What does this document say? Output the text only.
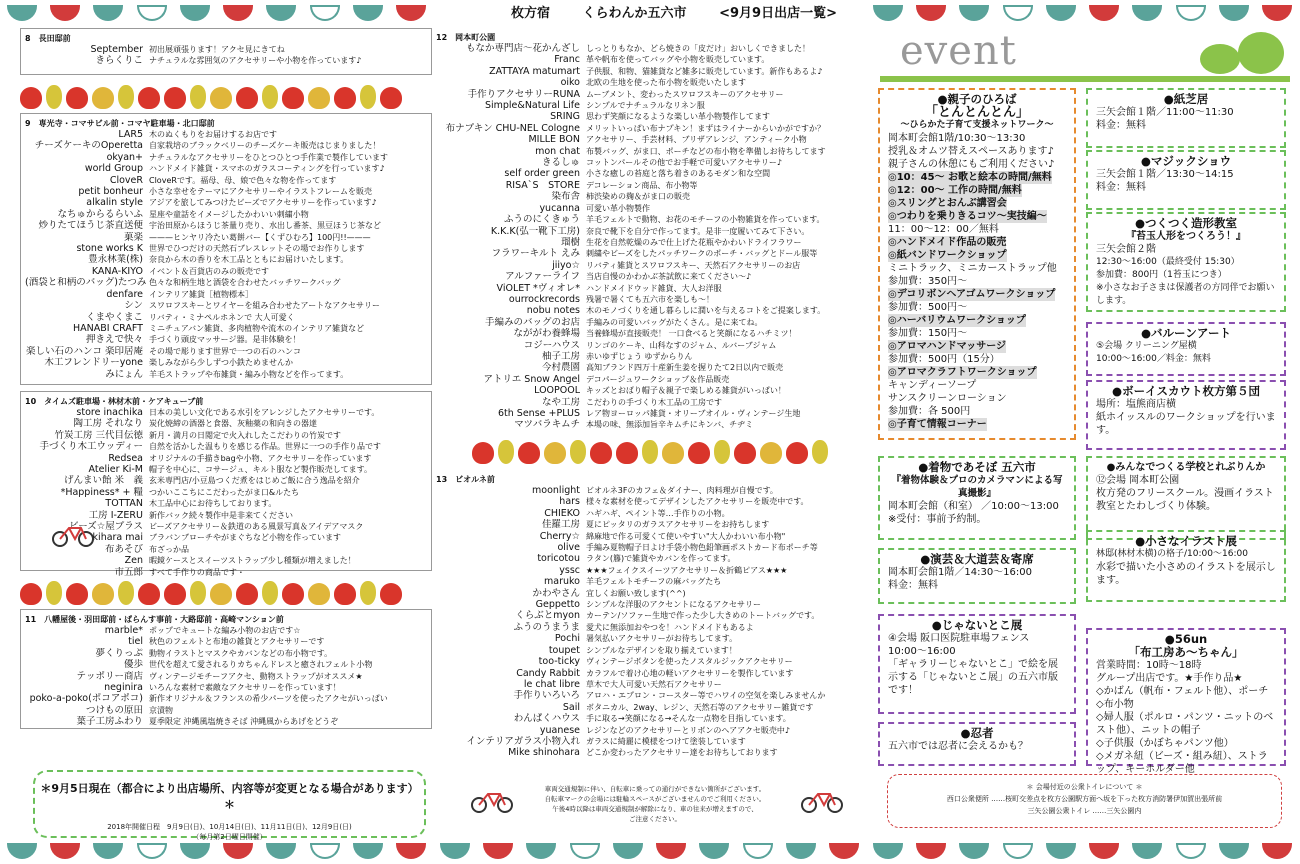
枚方宿	くらわんか五六市	<9月9日出店一覧>
8　長田邸前
September 初出展頑張ります！アクセ見にきてね
きらくりこ ナチュラルな雰囲気のアクセサリーや小物を作っています♪
9　専光寺・コマサビル前・コマヤ駐車場・北口邸前
LAR5 木のぬくもりをお届けするお店です
チーズケーキのOperetta 自家栽培のブラックベリーのチーズケーキ販売はじまりました！
okyan+ ナチュラルなアクセサリーをひとつひとつ手作業で製作しています
world Group ハンドメイド雑貨・スマホのガラスコーティングを行っています♪
CloveR CloveRです。福母、母、娘で色々な物を作ってます
petit bonheur 小さな幸せをテーマにアクセサリーやイラストフレームを販売
alkalin style アジアを旅してみつけたビーズでアクセサリーを作っています♪
なちゅからるらいふ 星座や童話をイメージしたかわいい刺繍小物
炒りたてほうじ茶直送便 宇治田原からほうじ茶量り売り、水出し番茶、黒豆ほうじ茶など
菓楽 ———ヒンヤリ冷たい葛餅バー【くずひむろ】100円!!———
stone works K 世界でひつだけの天然石ブレスレットその場でお作りします
豊永林業(株) 奈良から木の香りを木工品とともにお届けいたします。
KANA-KIYO イベント＆百貨店のみの販売です
(酒袋と和柄のバッグ)たつみ 色々な和柄生地と酒袋を合わせたバッチワークバッグ
denfare インテリア雑貨［植物標本］
シン スワロフスキーとワイヤーを組み合わせたアートなアクセサリー
くまやくまこ リバティ・ミナペルホネンで 大人可愛く
HANABI CRAFT ミニチュアバン雑貨、多肉植物や流木のインテリア雑貨など
押きえで快々 手づくり頭皮マッサージ器。是非体験を！
楽しい石のハンコ 楽印居庵 その場で彫ります世界で一つの石のハンコ
木工フレンドリーyone 楽しみながら少しずつ小鉄ためませんか
みにょん 羊毛ストラップや布雑貨・編み小物などを作ってます。
10　タイムズ駐車場・林材木前・ケアキューブ前
store inachika 日本の美しい文化である水引をアレンジしたアクセサリーです。
陶工房 それなり 炭化焼締の酒器と食器、灰釉薬の和向きの器達
竹炭工房 三代目伝徳 新月・満月の日閲定で火入れしたこだわりの竹炭です
手づくり木工ウッディー 自然を活かした温もりを感じる作品。世界に一つの手作り品です
Redsea オリジナルの手描きbagや小物、アクセサリーを作っています
Atelier Ki-M 帽子を中心に、コサージュ、キルト服など製作販売してます。
げんまい飴 米　義 玄米専門店/小豆島つくだ煮をはじめご飯に合う逸品を紹介
*Happiness* + 糧 つかいここちにこだわったがま口&ルたち
TOTTAN 木工品中心にお待ちしております。
工房 I-ZERU 新作バック続々製作中是非来てください
ビーズ☆屋プラス ビーズアクセサリー＆鉄道のある風景写真＆アイデアマスク
kihara mai ブラバンブローチやがまぐちなど小物を作っています
布あそび 布ざっか品
Zen 暇鏡ケースとスイーツストラップ少し種類が増えました！
市五郎 すべて手作りの商品です・
11　八幡屋後・羽田邸前・ぱらんす事前・大路邸前・高崎マンション前
marble* ポップでキュートな編み小物のお店です☆
tiel 秋色のフェルトと布地の雑貨とアクセサリーです
夢くりっぷ 動物イラストとマスクやカバンなどの布小物です。
優歩 世代を超えて愛されるりカちゃんドレスと癒されフェルト小物
テッポリー商店 ヴィンテージモチーフアクセ、動物ストラップがオススメ★
neginira いろんな素材で素敵なアクセサリーを作っています！
poko-a-poko(ポコアポコ) 新作オリジナル＆フランスの希少パーツを使ったアクセがいっぱい
つけもの原田 京漬物
葉子工房ふわり 夏季限定 沖縄風塩焼きそば 沖縄風からあげをどうぞ
＊9月5日現在（都合により出店場所、内容等が変更となる場合があります）＊
2018年開催日程　9月9日(日)、10月14日(日)、11月11日(日)、12月9日(日)
（毎月第2日曜日開催）
12　岡本町公園
もなか専門店〜花かんざし しっとりもなか、どら焼きの「皮だけ」おいしくできました！
Franc 革や帆布を使ってバッグや小物を販売しています。
ZATTAYA matumart 子供服、和物、猫雑貨など雑多に販売しています。新作もあるよ♪
oiko 北欧の生地を使った布小物を販売いたします
手作りアクセサリーRUNA ムーブメント、変わったスワロフスキーのアクセサリー
Simple&Natural Life シンプルでナチュラルなリネン服
SRING 思わず笑顔になるような楽しい革小物製作してます
布ナプキン CHU-NEL Cologne メリットいっぱい布ナプキン！まずはライナーからいかがですか？
MILLE BON アクセサリー、手芸材料、ブリザアレンジ、アンティーク小物
mon chat 布製バッグ、がま口、ポーチなどの布小物を準備しお待ちしてます
きるしゅ コットンパールその他でお手軽で可愛いアクセサリー♪
self order green 小さな癒しの苔庭と落ち着きのあるモダン和な空間
RISA`S　STORE デコレーション商品、布小物等
染布舎 柿渋染めの麹＆がま口の販売
yucanna 可愛い革小物製作
ふうのにくきゅう 羊毛フェルトで動物、お花のモチーフの小物雑貨を作っています。
K.K.K(弘一靴下工房) 奈良で靴下を自分で作ってます。是非一度履いてみて下さい。
瑠樹 生花を自然乾燥のみで仕上げた花瓶やかわいドライフラワー
フラワーキルト えみ 刺繍やビーズをしたパッチワークのポーチ・バッグとドール服等
jiiyo☆ リバティ雑貨とスワロフスキー、天然石アクセサリーのお店
アルファーライフ 当店自慢のかわかぶ茶試飲に来てください〜♪
ViOLET *ヴィオレ* ハンドメイドウッド雑貨、大人お洋服
ourrockrecords 残暑で暑くても五六市を楽しも〜！
nobu notes 木のモノづくりを通し暮らしに潤いを与えるコトをご提案します。
手編みのバッグのお店 手編みの可愛いバッグがたくさん。是に来てね。
なががわ養蜂場 当養蜂場が直接販売！ 一口食べると笑顔になるハチミツ！
コジーハウス リンゴのケーキ、山科なすのジャム、ルバーブジャム
柚子工房 赤いゆずじょう ゆずからりん
今村農園 高知ブランド四万十産新生姜を握りたて2日以内で販売
アトリエ Snow Angel デコパージュワークショップ＆作品販売
LOOPOOL キッズとおばり帽子＆親子で楽しめる雑貨がいっぱい！
なや工房 こだわりの手づくり木工品の工房です
6th Sense +PLUS レア物ヨーロッパ雑貨・オリーブオイル・ヴィンテージ生地
マツバラキムチ 本場の味、無添加旨辛キムチにキンバ、チヂミ
13　ビオルネ前
moonlight ビオルネ3Fのカフェ＆ダイナー、肉料理が自慢です。
hars 様々な素材を使ってデザインしたアクセサリーを販売中です。
CHIEKO ハギハギ、ペイント等…手作りの小物。
佳羅工房 夏にピッタリのガラスアクセサリーをお持ちします
Cherry☆ 綿麻地で作る可愛くて使いやすい"大人かわいい布小物"
olive 手編み夏物帽子日よけ手袋小物色鉛筆画ポストカード布ポーチ等
toricotou ラタン(籐)で雑貨やカバンを作ってます。
yssc ★★★フェイクスイーツアクセサリー＆折鶴ピアス★★★
maruko 羊毛フェルトモチーフの麻バッグたち
かわやさん 宜しくお願い致します(^^)
Geppetto シンプルな洋服のアクセントになるアクセサリー
くらぶとmyon カーテン/ソファー生地で作った少し大きめのトートバッグです。
ふうのうまうま 愛犬に無添加おやつを！ハンドメイドもあるよ
Pochi 暑気払いアクセサリーがお待ちしてます。
toupet シンプルなデザインを取り揃えています！
too-ticky ヴィンテージボタンを使ったノスタルジックアクセサリー
Candy Rabbit カラフルで着け心地の軽いアクセサリーを製作しています
le chat libre 草木で大人可愛い天然石アクセサリー
手作りいろいろ アロハ・エプロン・コースター等でハワイの空気を楽しみませんか
Sail ボタニカル、2way、レジン、天然石等のアクセサリー雑貨です
わんぱくハウス 手に取る→笑顔になる→そんな一点物を目指しています。
yuanese レジンなどのアクセサリーとリボンのヘアアクセ販売中♪
インテリアガラス小物入れ ガラスに綺麗に模様をつけて塗装しています
Mike shinohara どこか変わったアクセサリー達をお待ちしております
車両交通規制に伴い、自転車に乗っての通行ができない箇所がございます。
自転車マークの会場には駐輪スペースがございませんのでご利用ください。
午後4時以降は車両交通規制が解除になり、車の往来が増えますので、
ご注意ください。
event
●親子のひろば
「とんとんとん」
〜ひらかた子育て支援ネットワーク〜
岡本町会館1階/10:30〜13:30
授乳＆オムツ替えスペースあります♪
親子さんの休憩にもご利用ください♪
◎10：45〜 お歌と絵本の時間/無料
◎12：00〜 工作の時間/無料
◎スリングとおんぶ講習会
◎つわりを乗りきるコツ〜実技編〜
11：00〜12：00／無料
◎ハンドメイド作品の販売
◎紙バンドワークショップ
ミニトラック、ミニカーストラップ他
参加費：350円〜
◎デコリボンヘアゴムワークショップ
参加費：500円〜
◎ハーバリウムワークショップ
参加費：150円〜
◎アロマハンドマッサージ
参加費：500円（15分）
◎アロマクラフトワークショップ
キャンディーソープ
サンスクリーンローション
参加費：各 500円
◎子育て情報コーナー
●着物であそぼ 五六市
『着物体験＆プロのカメラマンによる写真撮影』
岡本町会館（和室） ／10:00〜13:00
※受付：事前予約制。
●演芸＆大道芸＆寄席
岡本町会館1階／14:30〜16:00
料金：無料
●じゃないとこ展
④会場 阪口医院駐車場フェンス
10:00〜16:00
「ギャラリーじゃないとこ」で絵を展示する「じゃないとこ展」の五六市版です！
●忍者
五六市では忍者に会えるかも？
●紙芝居
三矢会館１階／11:00〜11:30
料金：無料
●マジックショウ
三矢会館１階／13:30〜14:15
料金：無料
●つくつく造形教室
『苔玉人形をつくろう！』
三矢会館２階
12:30〜16:00（最終受付 15:30）
参加費：800円（1苔玉につき）
※小さなお子さまは保護者の方同伴でお願いします。
●バルーンアート
⑤会場 クリーニング屋横
10:00〜16:00／料金：無料
●ボーイスカウト枚方第５団
場所：塩熊商店横
紙ホイッスルのワークショップを行います。
●みんなでつくる学校とれぶりんか
⑫会場 岡本町公園
枚方発のフリースクール。漫画イラスト教室とたわしづくり体験。
●小さなイラスト展
林邸(林材木横)の格子/10:00〜16:00
水彩で描いた小さめのイラストを展示します。
●56un
「布工房あ〜ちゃん」
営業時間：10時〜18時
グループ出店です。★手作り品★
◇かばん（帆布・フェルト他）、ポーチ
◇布小物
◇婦人服（ポルロ・パンツ・ニットのベスト他）、ニットの帽子
◇子供服（かぼちゃパンツ他）
◇メガネ紐（ビーズ・組み紐）、ストラップ、キーホルダー他
＊ 会場付近の公衆トイレについて ＊
西口公衆便所 ……桜町交差点を枚方公園駅方面へ坂を下った枚方消防署伊加賀出張所前
三矢公園公衆トイレ ……三矢公園内
